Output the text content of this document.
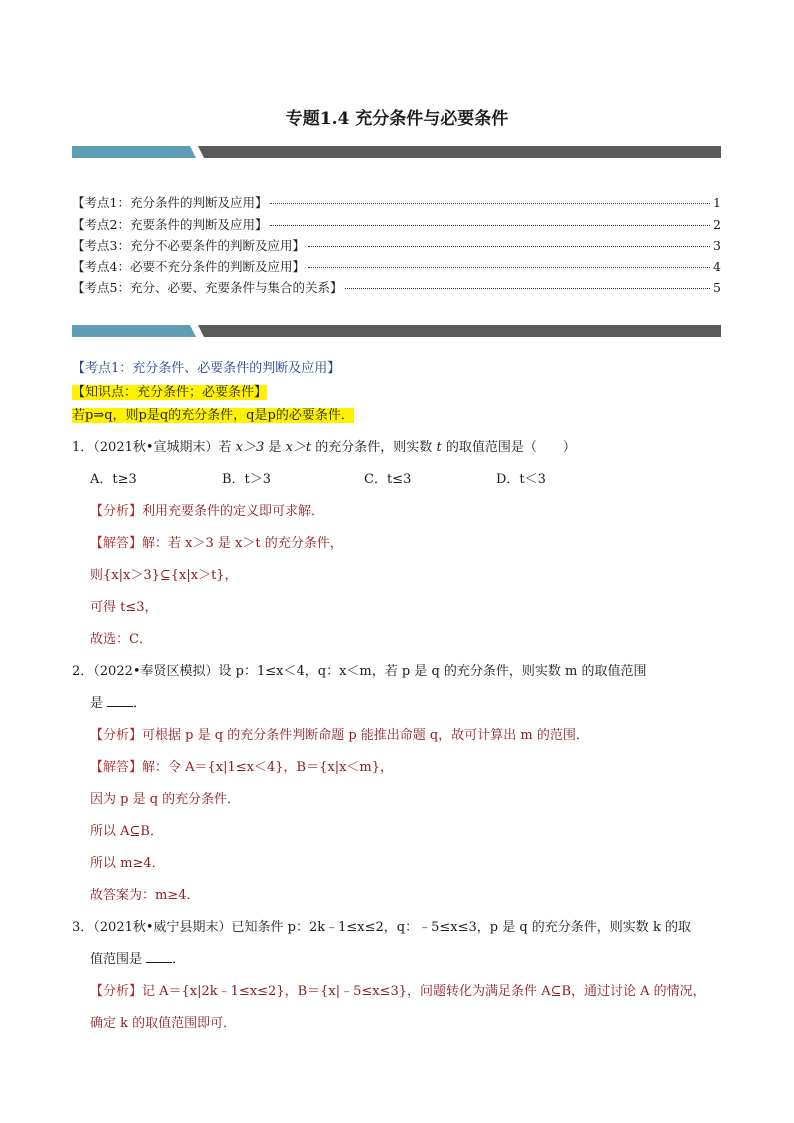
专题1.4 充分条件与必要条件
【考点1：充分条件的判断及应用】	1
【考点2：充要条件的判断及应用】	2
【考点3：充分不必要条件的判断及应用】	3
【考点4：必要不充分条件的判断及应用】	4
【考点5：充分、必要、充要条件与集合的关系】	5
【考点1：充分条件、必要条件的判断及应用】
【知识点：充分条件；必要条件】
若p⇒q，则p是q的充分条件，q是p的必要条件．
1．（2021秋•宣城期末）若 x＞3 是 x＞t 的充分条件，则实数 t 的取值范围是（　　）
A．t≥3	B．t＞3	C．t≤3	D．t＜3
【分析】利用充要条件的定义即可求解．
【解答】解：若 x＞3 是 x＞t 的充分条件，
则{x|x＞3}⊆{x|x＞t}，
可得 t≤3，
故选：C．
2．（2022•奉贤区模拟）设 p：1≤x＜4，q：x＜m，若 p 是 q 的充分条件，则实数 m 的取值范围
是 ．
【分析】可根据 p 是 q 的充分条件判断命题 p 能推出命题 q，故可计算出 m 的范围．
【解答】解：令 A＝{x|1≤x＜4}，B＝{x|x＜m}，
因为 p 是 q 的充分条件．
所以 A⊆B．
所以 m≥4．
故答案为：m≥4．
3．（2021秋•威宁县期末）已知条件 p：2k﹣1≤x≤2，q：﹣5≤x≤3，p 是 q 的充分条件，则实数 k 的取
值范围是 ．
【分析】记 A＝{x|2k﹣1≤x≤2}，B＝{x|﹣5≤x≤3}，问题转化为满足条件 A⊆B，通过讨论 A 的情况，
确定 k 的取值范围即可．
